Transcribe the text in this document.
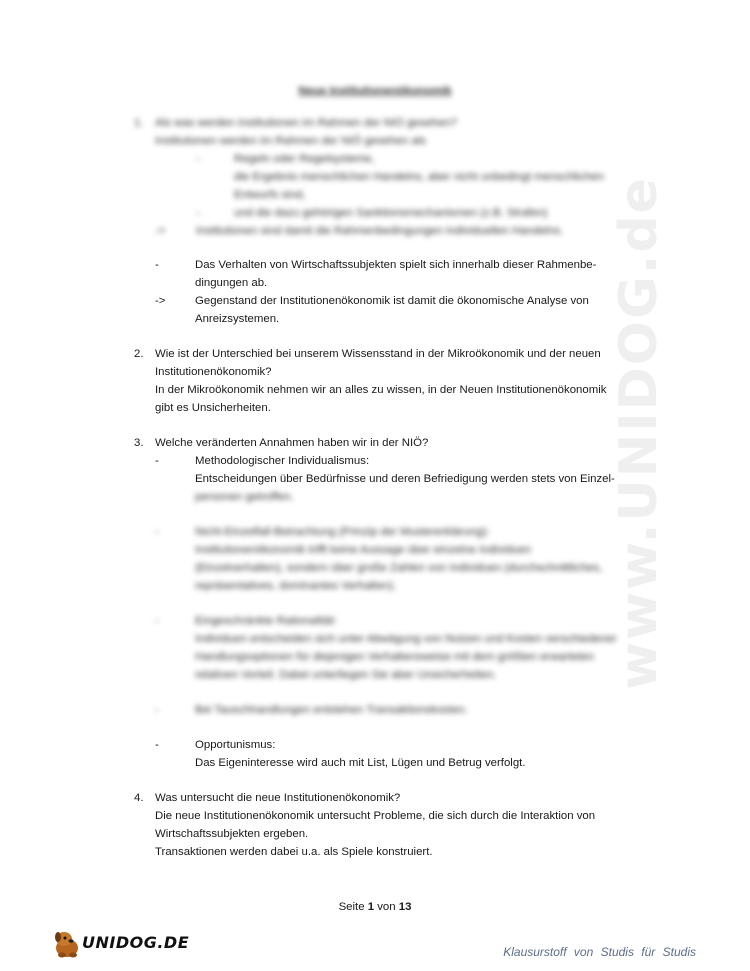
www.UNIDOG.de
Neue Institutionenökonomik
1. Als was werden Institutionen im Rahmen der NIÖ gesehen?
Institutionen werden im Rahmen der NIÖ gesehen als
-	Regeln oder Regelsysteme,
die Ergebnis menschlichen Handelns, aber nicht unbedingt menschlichen
Entwurfs sind,
-	und die dazu gehörigen Sanktionsmechanismen (z.B. Strafen)
->	Institutionen sind damit die Rahmenbedingungen individuellen Handelns.
-	Das Verhalten von Wirtschaftssubjekten spielt sich innerhalb dieser Rahmenbe-
dingungen ab.
->	Gegenstand der Institutionenökonomik ist damit die ökonomische Analyse von
Anreizsystemen.
2. Wie ist der Unterschied bei unserem Wissensstand in der Mikroökonomik und der neuen
Institutionenökonomik?
In der Mikroökonomik nehmen wir an alles zu wissen, in der Neuen Institutionenökonomik
gibt es Unsicherheiten.
3. Welche veränderten Annahmen haben wir in der NIÖ?
-	Methodologischer Individualismus:
Entscheidungen über Bedürfnisse und deren Befriedigung werden stets von Einzel-
personen getroffen.
-	Nicht-Einzelfall-Betrachtung (Prinzip der Mustererklärung):
Institutionenökonomik trifft keine Aussage über einzelne Individuen
(Einzelverhalten), sondern über große Zahlen von Individuen (durchschnittliches,
repräsentatives, dominantes Verhalten).
-	Eingeschränkte Rationalität:
Individuen entscheiden sich unter Abwägung von Nutzen und Kosten verschiedener
Handlungsoptionen für diejenigen Verhaltensweise mit dem größten erwarteten
relativen Vorteil. Dabei unterliegen Sie aber Unsicherheiten.
-	Bei Tauschhandlungen entstehen Transaktionskosten.
-	Opportunismus:
Das Eigeninteresse wird auch mit List, Lügen und Betrug verfolgt.
4. Was untersucht die neue Institutionenökonomik?
Die neue Institutionenökonomik untersucht Probleme, die sich durch die Interaktion von
Wirtschaftssubjekten ergeben.
Transaktionen werden dabei u.a. als Spiele konstruiert.
Seite 1 von 13
UNIDOG.DE	Klausurstoff von Studis für Studis
